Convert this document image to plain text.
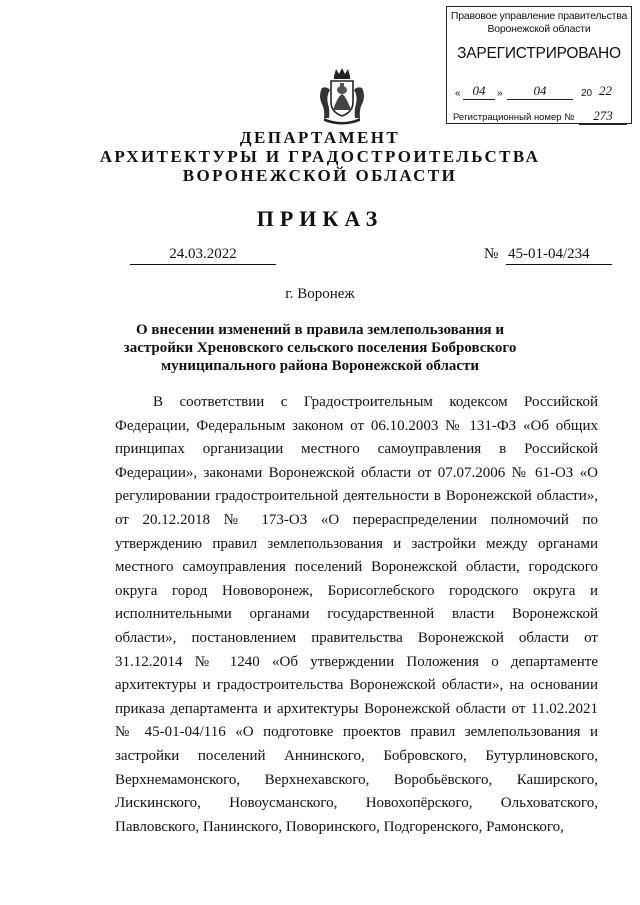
Правовое управление правительства
Воронежской области
ЗАРЕГИСТРИРОВАНО
« 04	»	04	20 22
Регистрационный номер № 273
ДЕПАРТАМЕНТ
АРХИТЕКТУРЫ И ГРАДОСТРОИТЕЛЬСТВА
ВОРОНЕЖСКОЙ ОБЛАСТИ
ПРИКАЗ
24.03.2022	№ 45-01-04/234
г. Воронеж
О внесении изменений в правила землепользования и застройки Хреновского сельского поселения Бобровского муниципального района Воронежской области
В соответствии с Градостроительным кодексом Российской Федерации, Федеральным законом от 06.10.2003 № 131-ФЗ «Об общих принципах организации местного самоуправления в Российской Федерации», законами Воронежской области от 07.07.2006 № 61-ОЗ «О регулировании градостроительной деятельности в Воронежской области», от 20.12.2018 № 173-ОЗ «О перераспределении полномочий по утверждению правил землепользования и застройки между органами местного самоуправления поселений Воронежской области, городского округа город Нововоронеж, Борисоглебского городского округа и исполнительными органами государственной власти Воронежской области», постановлением правительства Воронежской области от 31.12.2014 № 1240 «Об утверждении Положения о департаменте архитектуры и градостроительства Воронежской области», на основании приказа департамента и архитектуры Воронежской области от 11.02.2021 № 45-01-04/116 «О подготовке проектов правил землепользования и застройки поселений Аннинского, Бобровского, Бутурлиновского, Верхнемамонского, Верхнехавского, Воробьёвского, Каширского, Лискинского, Новоусманского, Новохопёрского, Ольховатского, Павловского, Панинского, Поворинского, Подгоренского, Рамонского,
